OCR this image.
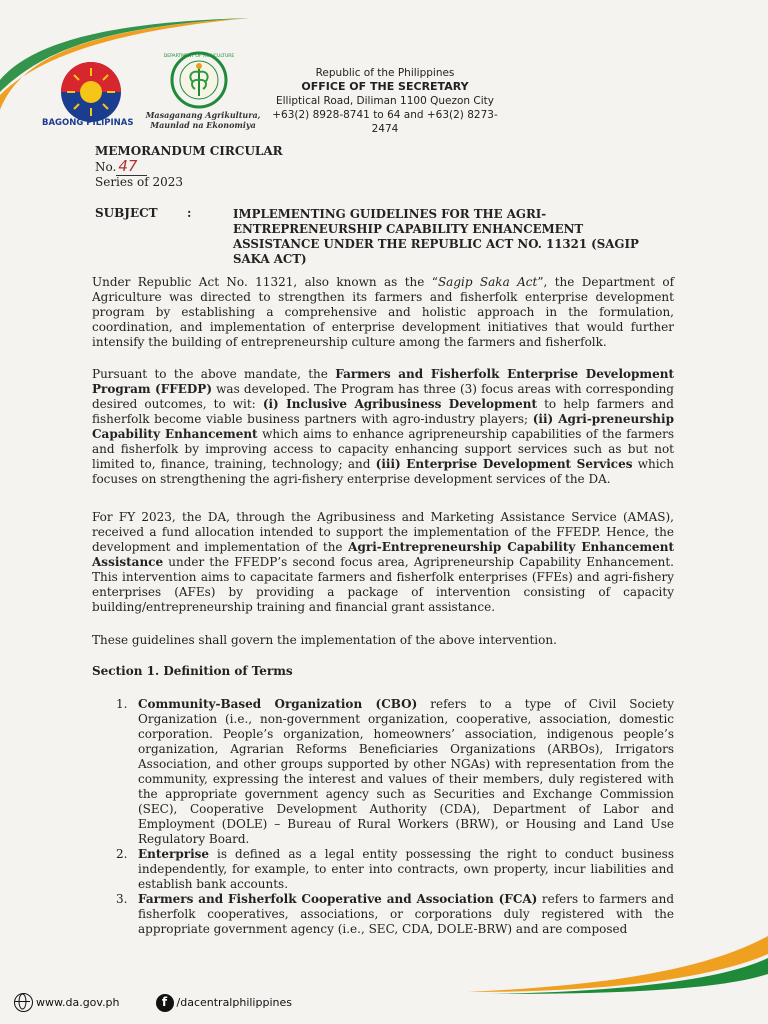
BAGONG PILIPINAS
DEPARTMENT OF AGRICULTURE
Masaganang Agrikultura,
Maunlad na Ekonomiya
Republic of the Philippines
OFFICE OF THE SECRETARY
Elliptical Road, Diliman 1100 Quezon City
+63(2) 8928-8741 to 64 and +63(2) 8273-2474
MEMORANDUM CIRCULAR
No. 47
Series of 2023
SUBJECT :	IMPLEMENTING GUIDELINES FOR THE AGRI-ENTREPRENEURSHIP CAPABILITY ENHANCEMENT ASSISTANCE UNDER THE REPUBLIC ACT NO. 11321 (SAGIP SAKA ACT)
Under Republic Act No. 11321, also known as the “Sagip Saka Act”, the Department of Agriculture was directed to strengthen its farmers and fisherfolk enterprise development program by establishing a comprehensive and holistic approach in the formulation, coordination, and implementation of enterprise development initiatives that would further intensify the building of entrepreneurship culture among the farmers and fisherfolk.
Pursuant to the above mandate, the Farmers and Fisherfolk Enterprise Development Program (FFEDP) was developed. The Program has three (3) focus areas with corresponding desired outcomes, to wit: (i) Inclusive Agribusiness Development to help farmers and fisherfolk become viable business partners with agro-industry players; (ii) Agri-preneurship Capability Enhancement which aims to enhance agripreneurship capabilities of the farmers and fisherfolk by improving access to capacity enhancing support services such as but not limited to, finance, training, technology; and (iii) Enterprise Development Services which focuses on strengthening the agri-fishery enterprise development services of the DA.
For FY 2023, the DA, through the Agribusiness and Marketing Assistance Service (AMAS), received a fund allocation intended to support the implementation of the FFEDP. Hence, the development and implementation of the Agri-Entrepreneurship Capability Enhancement Assistance under the FFEDP’s second focus area, Agripreneurship Capability Enhancement. This intervention aims to capacitate farmers and fisherfolk enterprises (FFEs) and agri-fishery enterprises (AFEs) by providing a package of intervention consisting of capacity building/entrepreneurship training and financial grant assistance.
These guidelines shall govern the implementation of the above intervention.
Section 1. Definition of Terms
1. Community-Based Organization (CBO) refers to a type of Civil Society Organization (i.e., non-government organization, cooperative, association, domestic corporation. People’s organization, homeowners’ association, indigenous people’s organization, Agrarian Reforms Beneficiaries Organizations (ARBOs), Irrigators Association, and other groups supported by other NGAs) with representation from the community, expressing the interest and values of their members, duly registered with the appropriate government agency such as Securities and Exchange Commission (SEC), Cooperative Development Authority (CDA), Department of Labor and Employment (DOLE) – Bureau of Rural Workers (BRW), or Housing and Land Use Regulatory Board.
2. Enterprise is defined as a legal entity possessing the right to conduct business independently, for example, to enter into contracts, own property, incur liabilities and establish bank accounts.
3. Farmers and Fisherfolk Cooperative and Association (FCA) refers to farmers and fisherfolk cooperatives, associations, or corporations duly registered with the appropriate government agency (i.e., SEC, CDA, DOLE-BRW) and are composed
www.da.gov.ph	f /dacentralphilippines
